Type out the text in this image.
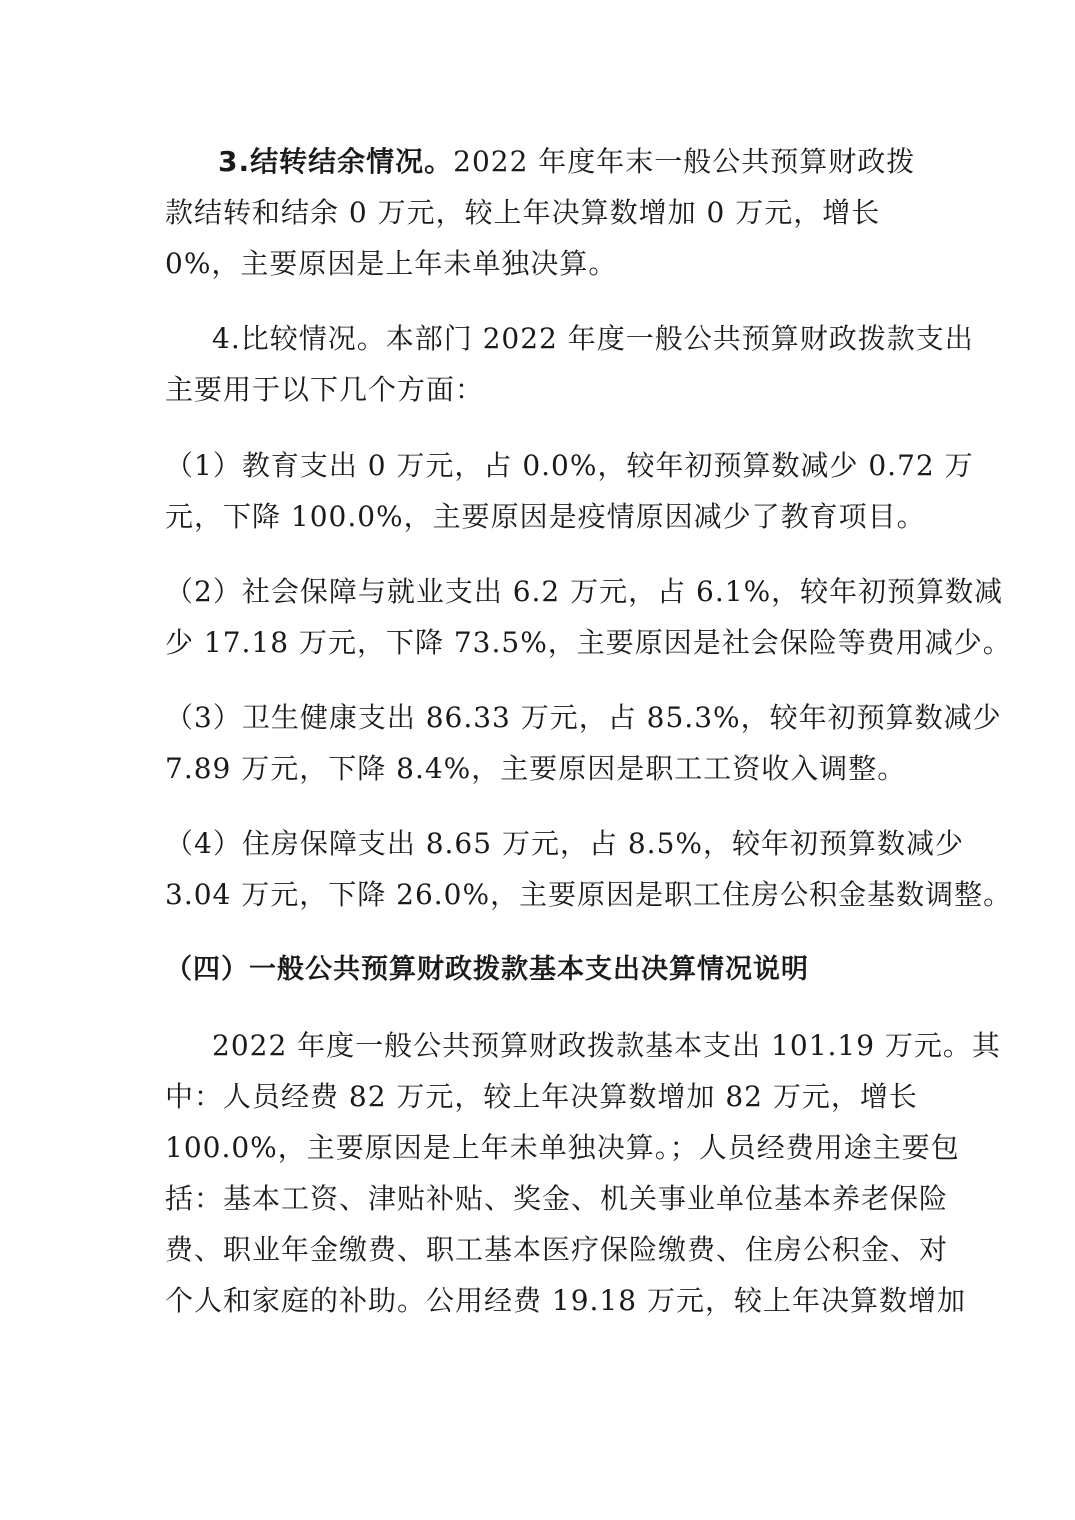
3.结转结余情况。2022 年度年末一般公共预算财政拨
款结转和结余 0 万元，较上年决算数增加 0 万元，增长
0%，主要原因是上年未单独决算。
4.比较情况。本部门 2022 年度一般公共预算财政拨款支出
主要用于以下几个方面：
（1）教育支出 0 万元，占 0.0%，较年初预算数减少 0.72 万
元，下降 100.0%，主要原因是疫情原因减少了教育项目。
（2）社会保障与就业支出 6.2 万元，占 6.1%，较年初预算数减
少 17.18 万元，下降 73.5%，主要原因是社会保险等费用减少。
（3）卫生健康支出 86.33 万元，占 85.3%，较年初预算数减少
7.89 万元，下降 8.4%，主要原因是职工工资收入调整。
（4）住房保障支出 8.65 万元，占 8.5%，较年初预算数减少
3.04 万元，下降 26.0%，主要原因是职工住房公积金基数调整。
（四）一般公共预算财政拨款基本支出决算情况说明
2022 年度一般公共预算财政拨款基本支出 101.19 万元。其
中：人员经费 82 万元，较上年决算数增加 82 万元，增长
100.0%，主要原因是上年未单独决算。；人员经费用途主要包
括：基本工资、津贴补贴、奖金、机关事业单位基本养老保险
费、职业年金缴费、职工基本医疗保险缴费、住房公积金、对
个人和家庭的补助。公用经费 19.18 万元，较上年决算数增加
